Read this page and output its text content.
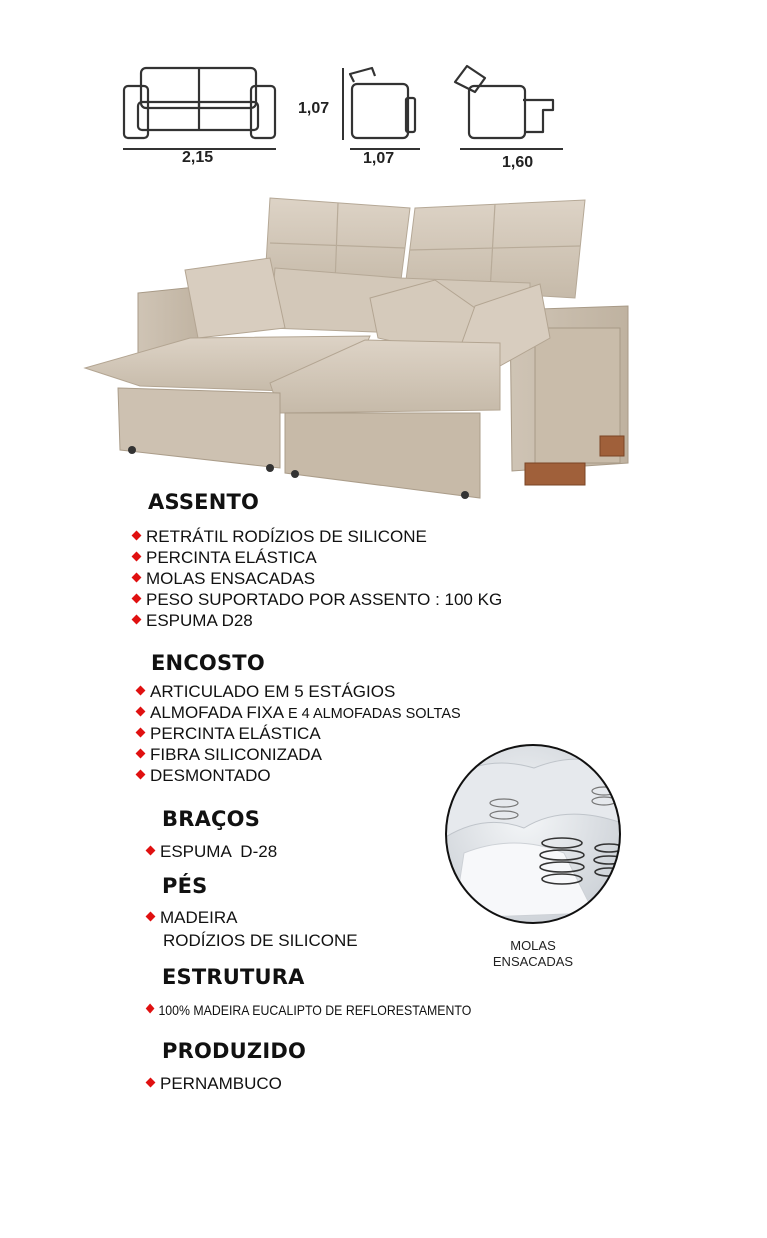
2,15
1,07
1,07	1,60
ASSENTO
RETRÁTIL RODÍZIOS DE SILICONE
PERCINTA ELÁSTICA
MOLAS ENSACADAS
PESO SUPORTADO POR ASSENTO : 100 KG
ESPUMA D28
ENCOSTO
ARTICULADO EM 5 ESTÁGIOS
ALMOFADA FIXA E 4 ALMOFADAS SOLTAS
PERCINTA ELÁSTICA
FIBRA SILICONIZADA
DESMONTADO
MOLAS
ENSACADAS
BRAÇOS
ESPUMA  D-28
PÉS
MADEIRA
RODÍZIOS DE SILICONE
ESTRUTURA
100% MADEIRA EUCALIPTO DE REFLORESTAMENTO
PRODUZIDO
PERNAMBUCO
